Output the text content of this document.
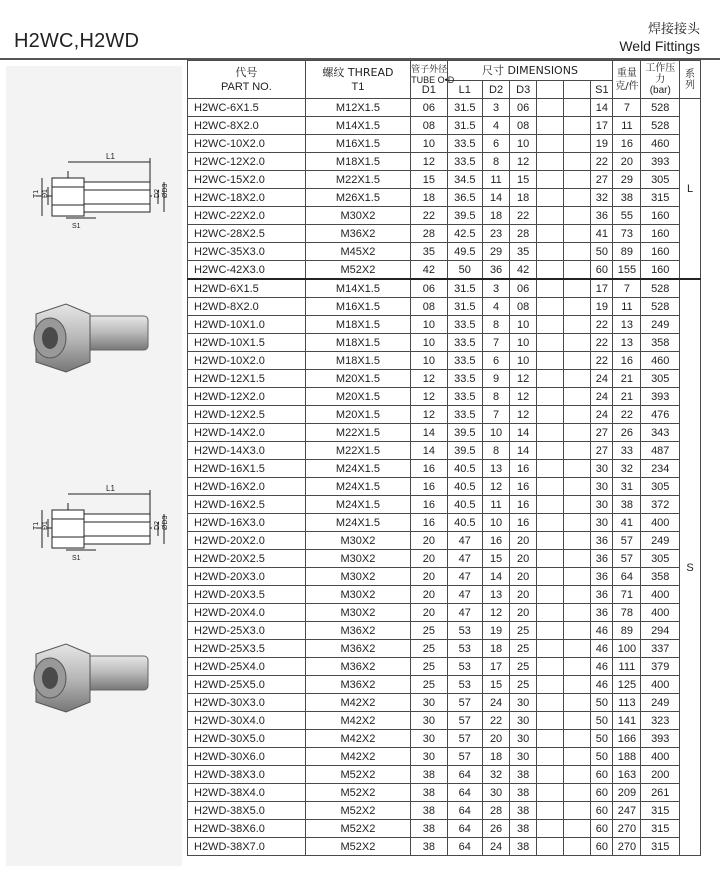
H2WC,H2WD
焊接接头
Weld Fittings
L1
T1 D1	D2 ØD3
S1
L1
T1 D1	D2 ØD3
S1
代号
PART NO.	螺纹 THREAD
T1	管子外径
TUBE O•D
D1	尺寸 DIMENSIONS						重量
克/件	工作压力
(bar)	系列
			L1	D2	D3			S1			
H2WC-6X1.5	M12X1.5	06	31.5	3	06			14	7	528	L
H2WC-8X2.0	M14X1.5	08	31.5	4	08			17	11	528	
H2WC-10X2.0	M16X1.5	10	33.5	6	10			19	16	460	
H2WC-12X2.0	M18X1.5	12	33.5	8	12			22	20	393	
H2WC-15X2.0	M22X1.5	15	34.5	11	15			27	29	305	
H2WC-18X2.0	M26X1.5	18	36.5	14	18			32	38	315	
H2WC-22X2.0	M30X2	22	39.5	18	22			36	55	160	
H2WC-28X2.5	M36X2	28	42.5	23	28			41	73	160	
H2WC-35X3.0	M45X2	35	49.5	29	35			50	89	160	
H2WC-42X3.0	M52X2	42	50	36	42			60	155	160	
H2WD-6X1.5	M14X1.5	06	31.5	3	06			17	7	528	S
H2WD-8X2.0	M16X1.5	08	31.5	4	08			19	11	528	
H2WD-10X1.0	M18X1.5	10	33.5	8	10			22	13	249	
H2WD-10X1.5	M18X1.5	10	33.5	7	10			22	13	358	
H2WD-10X2.0	M18X1.5	10	33.5	6	10			22	16	460	
H2WD-12X1.5	M20X1.5	12	33.5	9	12			24	21	305	
H2WD-12X2.0	M20X1.5	12	33.5	8	12			24	21	393	
H2WD-12X2.5	M20X1.5	12	33.5	7	12			24	22	476	
H2WD-14X2.0	M22X1.5	14	39.5	10	14			27	26	343	
H2WD-14X3.0	M22X1.5	14	39.5	8	14			27	33	487	
H2WD-16X1.5	M24X1.5	16	40.5	13	16			30	32	234	
H2WD-16X2.0	M24X1.5	16	40.5	12	16			30	31	305	
H2WD-16X2.5	M24X1.5	16	40.5	11	16			30	38	372	
H2WD-16X3.0	M24X1.5	16	40.5	10	16			30	41	400	
H2WD-20X2.0	M30X2	20	47	16	20			36	57	249	
H2WD-20X2.5	M30X2	20	47	15	20			36	57	305	
H2WD-20X3.0	M30X2	20	47	14	20			36	64	358	
H2WD-20X3.5	M30X2	20	47	13	20			36	71	400	
H2WD-20X4.0	M30X2	20	47	12	20			36	78	400	
H2WD-25X3.0	M36X2	25	53	19	25			46	89	294	
H2WD-25X3.5	M36X2	25	53	18	25			46	100	337	
H2WD-25X4.0	M36X2	25	53	17	25			46	111	379	
H2WD-25X5.0	M36X2	25	53	15	25			46	125	400	
H2WD-30X3.0	M42X2	30	57	24	30			50	113	249	
H2WD-30X4.0	M42X2	30	57	22	30			50	141	323	
H2WD-30X5.0	M42X2	30	57	20	30			50	166	393	
H2WD-30X6.0	M42X2	30	57	18	30			50	188	400	
H2WD-38X3.0	M52X2	38	64	32	38			60	163	200	
H2WD-38X4.0	M52X2	38	64	30	38			60	209	261	
H2WD-38X5.0	M52X2	38	64	28	38			60	247	315	
H2WD-38X6.0	M52X2	38	64	26	38			60	270	315	
H2WD-38X7.0	M52X2	38	64	24	38			60	270	315	
